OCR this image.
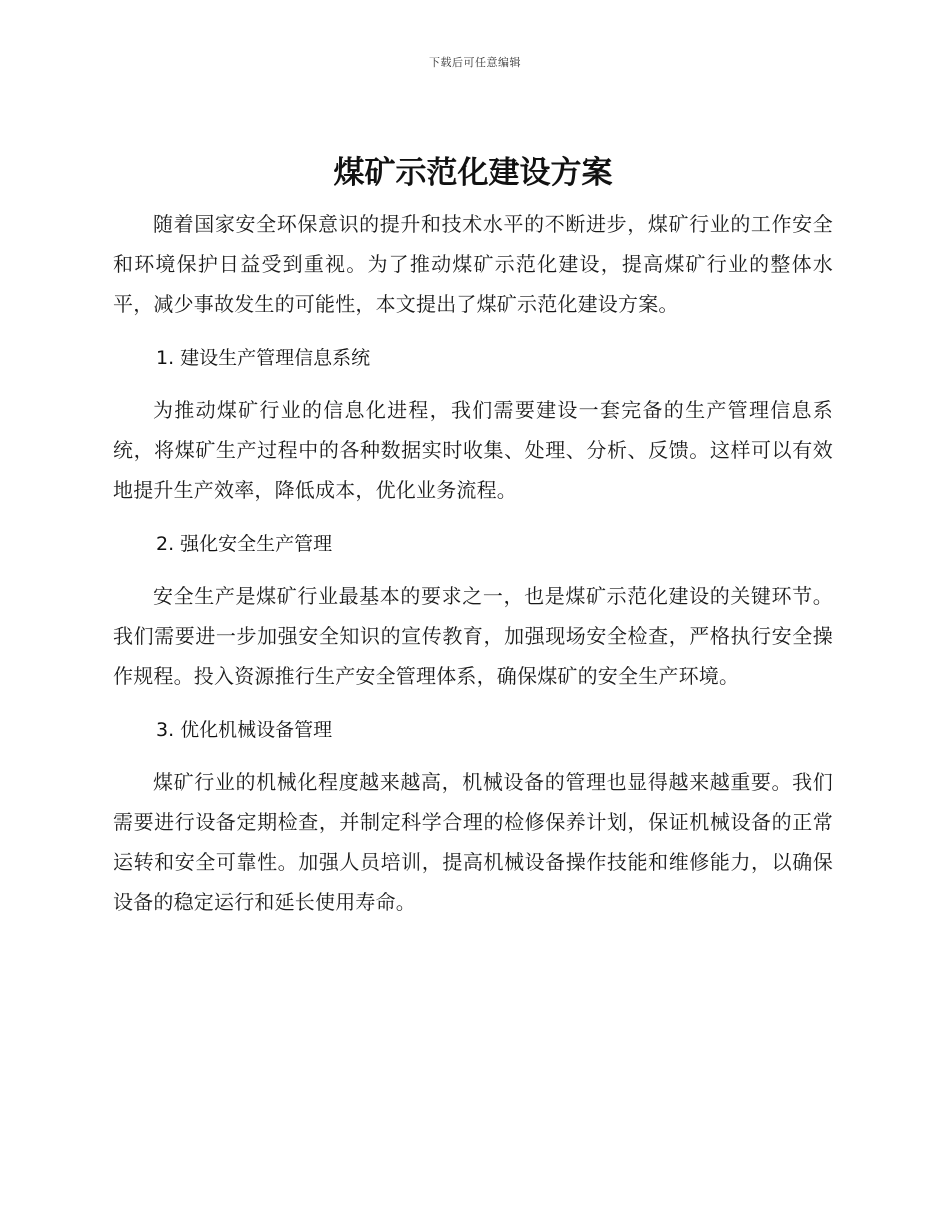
下载后可任意编辑
煤矿示范化建设方案

随着国家安全环保意识的提升和技术水平的不断进步，煤矿行业的工作安全和环境保护日益受到重视。为了推动煤矿示范化建设，提高煤矿行业的整体水平，减少事故发生的可能性，本文提出了煤矿示范化建设方案。

1. 建设生产管理信息系统

为推动煤矿行业的信息化进程，我们需要建设一套完备的生产管理信息系统，将煤矿生产过程中的各种数据实时收集、处理、分析、反馈。这样可以有效地提升生产效率，降低成本，优化业务流程。

2. 强化安全生产管理

安全生产是煤矿行业最基本的要求之一，也是煤矿示范化建设的关键环节。我们需要进一步加强安全知识的宣传教育，加强现场安全检查，严格执行安全操作规程。投入资源推行生产安全管理体系，确保煤矿的安全生产环境。

3. 优化机械设备管理

煤矿行业的机械化程度越来越高，机械设备的管理也显得越来越重要。我们需要进行设备定期检查，并制定科学合理的检修保养计划，保证机械设备的正常运转和安全可靠性。加强人员培训，提高机械设备操作技能和维修能力，以确保设备的稳定运行和延长使用寿命。
